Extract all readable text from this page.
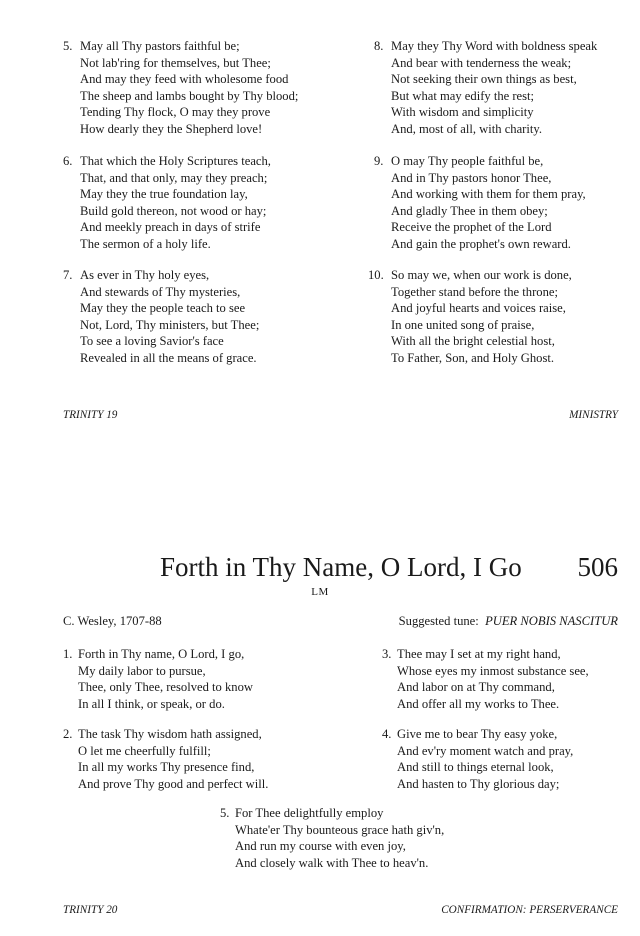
5. May all Thy pastors faithful be;
Not lab'ring for themselves, but Thee;
And may they feed with wholesome food
The sheep and lambs bought by Thy blood;
Tending Thy flock, O may they prove
How dearly they the Shepherd love!
6. That which the Holy Scriptures teach,
That, and that only, may they preach;
May they the true foundation lay,
Build gold thereon, not wood or hay;
And meekly preach in days of strife
The sermon of a holy life.
7. As ever in Thy holy eyes,
And stewards of Thy mysteries,
May they the people teach to see
Not, Lord, Thy ministers, but Thee;
To see a loving Savior's face
Revealed in all the means of grace.
8. May they Thy Word with boldness speak
And bear with tenderness the weak;
Not seeking their own things as best,
But what may edify the rest;
With wisdom and simplicity
And, most of all, with charity.
9. O may Thy people faithful be,
And in Thy pastors honor Thee,
And working with them for them pray,
And gladly Thee in them obey;
Receive the prophet of the Lord
And gain the prophet's own reward.
10. So may we, when our work is done,
Together stand before the throne;
And joyful hearts and voices raise,
In one united song of praise,
With all the bright celestial host,
To Father, Son, and Holy Ghost.
TRINITY 19	MINISTRY
Forth in Thy Name, O Lord, I Go 506
LM
C. Wesley, 1707-88	Suggested tune: PUER NOBIS NASCITUR
1. Forth in Thy name, O Lord, I go,
My daily labor to pursue,
Thee, only Thee, resolved to know
In all I think, or speak, or do.
2. The task Thy wisdom hath assigned,
O let me cheerfully fulfill;
In all my works Thy presence find,
And prove Thy good and perfect will.
3. Thee may I set at my right hand,
Whose eyes my inmost substance see,
And labor on at Thy command,
And offer all my works to Thee.
4. Give me to bear Thy easy yoke,
And ev'ry moment watch and pray,
And still to things eternal look,
And hasten to Thy glorious day;
5. For Thee delightfully employ
Whate'er Thy bounteous grace hath giv'n,
And run my course with even joy,
And closely walk with Thee to heav'n.
TRINITY 20	CONFIRMATION: PERSERVERANCE
